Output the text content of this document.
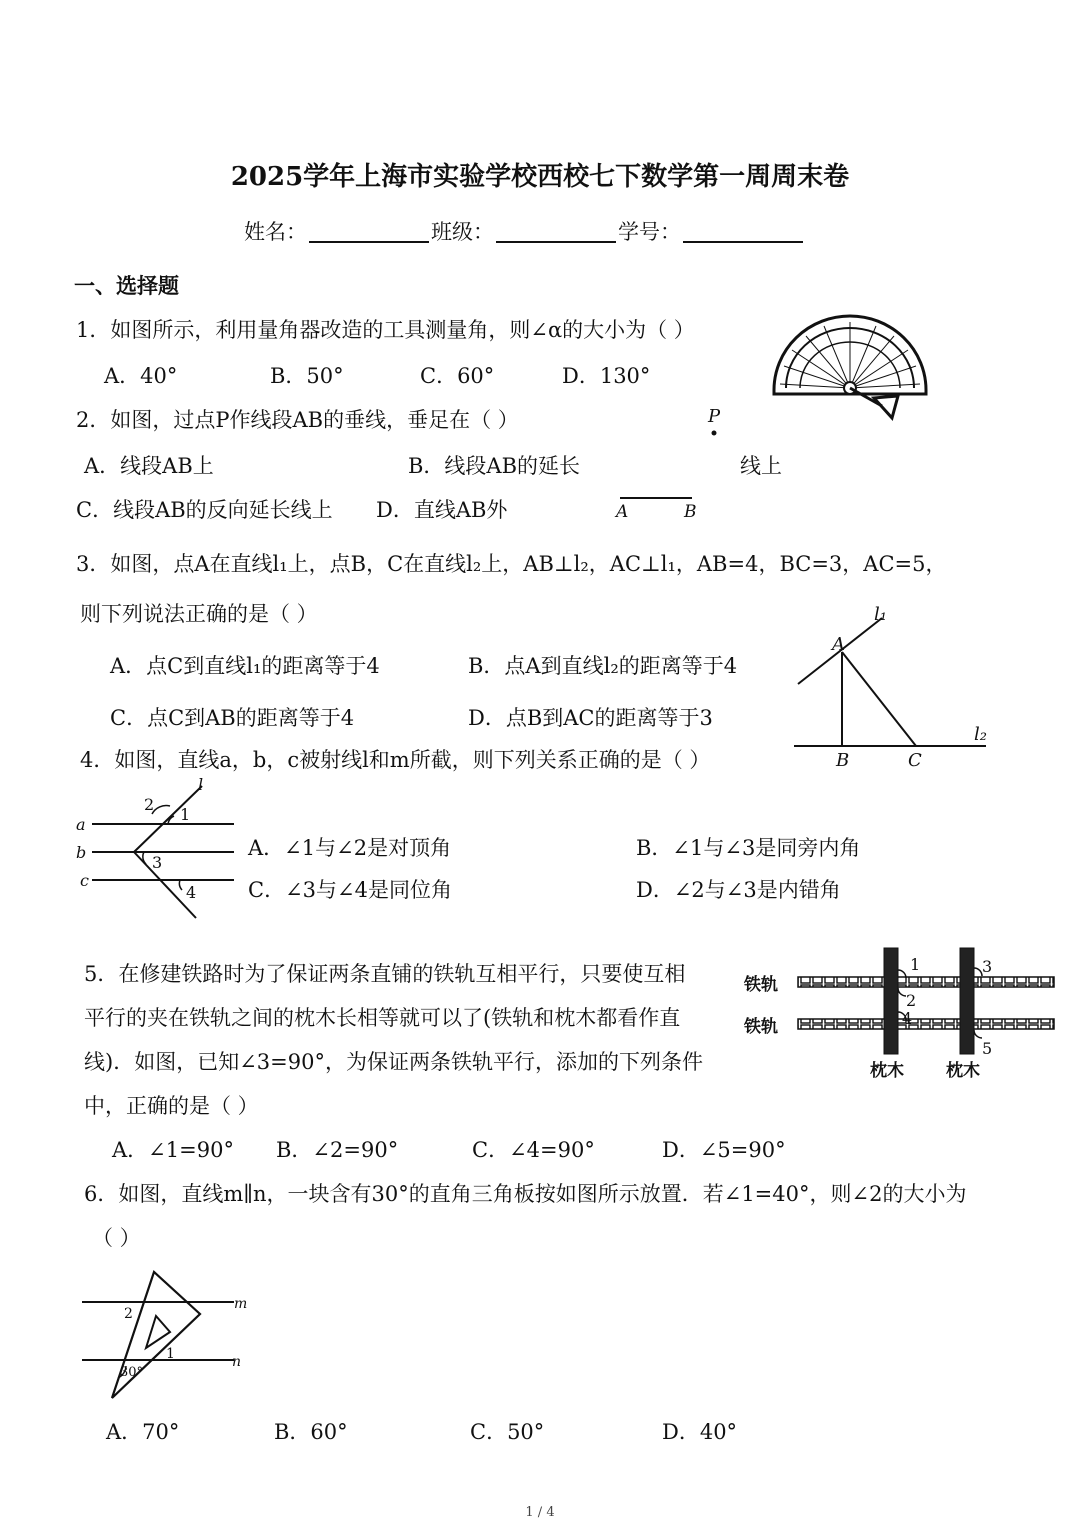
2025学年上海市实验学校西校七下数学第一周周末卷
姓名：	班级：	学号：
一、选择题
1．如图所示，利用量角器改造的工具测量角，则∠α的大小为（ ）
A．40°	B．50°	C．60°	D．130°
2．如图，过点P作线段AB的垂线，垂足在（ ）
A．线段AB上	B．线段AB的延长	线上
C．线段AB的反向延长线上 D．直线AB外
P
A	B
3．如图，点A在直线l₁上，点B，C在直线l₂上，AB⊥l₂，AC⊥l₁，AB=4，BC=3，AC=5，
则下列说法正确的是（ ）
A．点C到直线l₁的距离等于4	B．点A到直线l₂的距离等于4
C．点C到AB的距离等于4	D．点B到AC的距离等于3
l₁
l₂
A
B	C
4．如图，直线a，b，c被射线l和m所截，则下列关系正确的是（ ）
A．∠1与∠2是对顶角	B．∠1与∠3是同旁内角
C．∠3与∠4是同位角	D．∠2与∠3是内错角
a
b
c
l
1
2
3
4
5．在修建铁路时为了保证两条直铺的铁轨互相平行，只要使互相
平行的夹在铁轨之间的枕木长相等就可以了(铁轨和枕木都看作直
线)．如图，已知∠3=90°，为保证两条铁轨平行，添加的下列条件
中，正确的是（ ）
A．∠1=90° B．∠2=90°	C．∠4=90°	D．∠5=90°
铁轨
铁轨
1
2
3
4
5
枕木 枕木
6．如图，直线m∥n，一块含有30°的直角三角板按如图所示放置．若∠1=40°，则∠2的大小为
（ ）
m
n
2
1
30°
A．70°	B．60°	C．50°	D．40°
1 / 4
